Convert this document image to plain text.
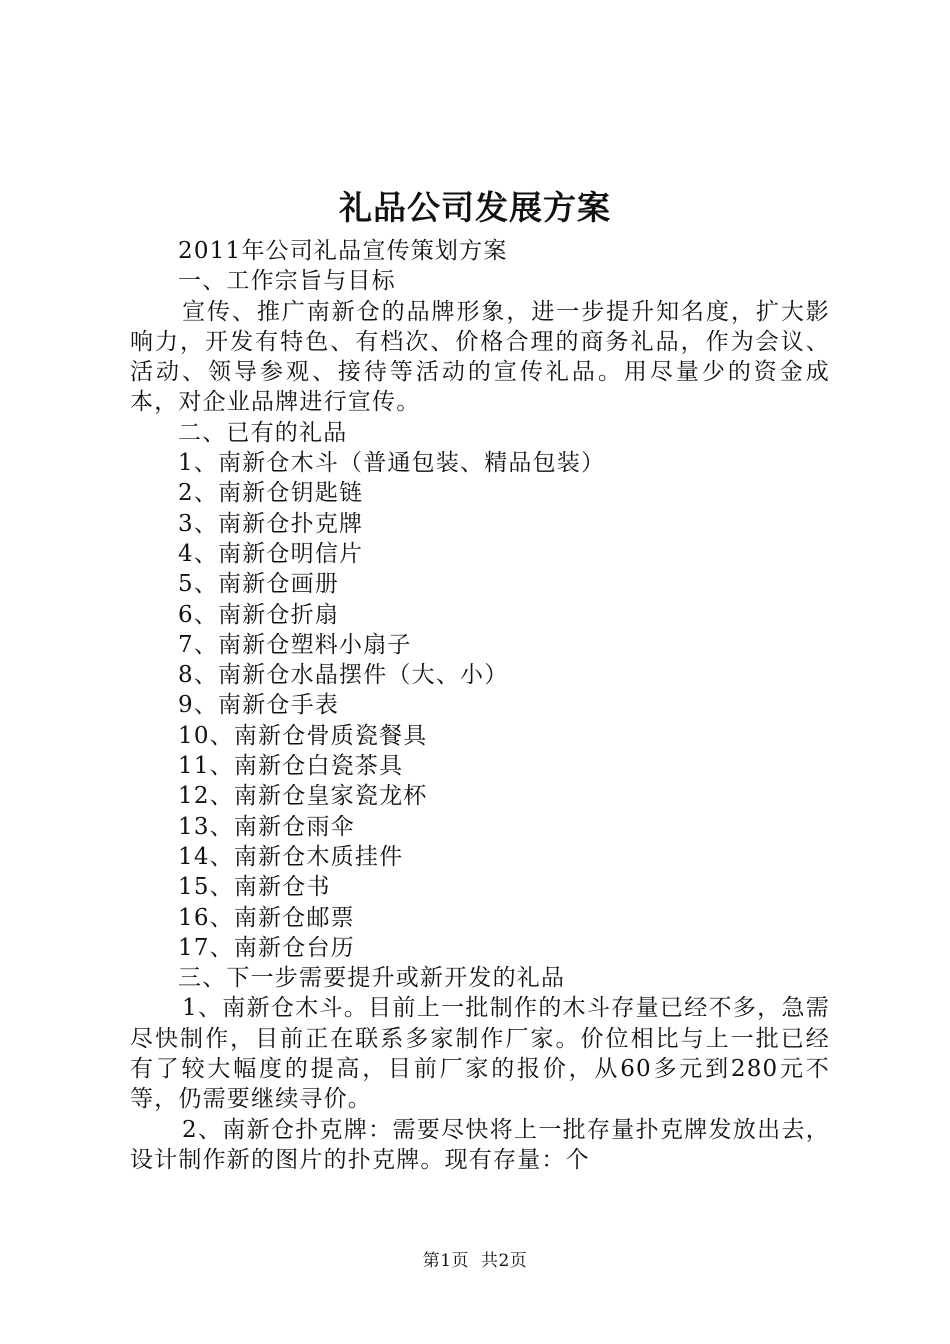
礼品公司发展方案
2011年公司礼品宣传策划方案
一、工作宗旨与目标
宣传、推广南新仓的品牌形象，进一步提升知名度，扩大影响力，开发有特色、有档次、价格合理的商务礼品，作为会议、活动、领导参观、接待等活动的宣传礼品。用尽量少的资金成本，对企业品牌进行宣传。
二、已有的礼品
1、南新仓木斗（普通包装、精品包装）
2、南新仓钥匙链
3、南新仓扑克牌
4、南新仓明信片
5、南新仓画册
6、南新仓折扇
7、南新仓塑料小扇子
8、南新仓水晶摆件（大、小）
9、南新仓手表
10、南新仓骨质瓷餐具
11、南新仓白瓷茶具
12、南新仓皇家瓷龙杯
13、南新仓雨伞
14、南新仓木质挂件
15、南新仓书
16、南新仓邮票
17、南新仓台历
三、下一步需要提升或新开发的礼品
1、南新仓木斗。目前上一批制作的木斗存量已经不多，急需尽快制作，目前正在联系多家制作厂家。价位相比与上一批已经有了较大幅度的提高，目前厂家的报价，从60多元到280元不等，仍需要继续寻价。
2、南新仓扑克牌：需要尽快将上一批存量扑克牌发放出去，设计制作新的图片的扑克牌。现有存量：个
第1页 共2页
